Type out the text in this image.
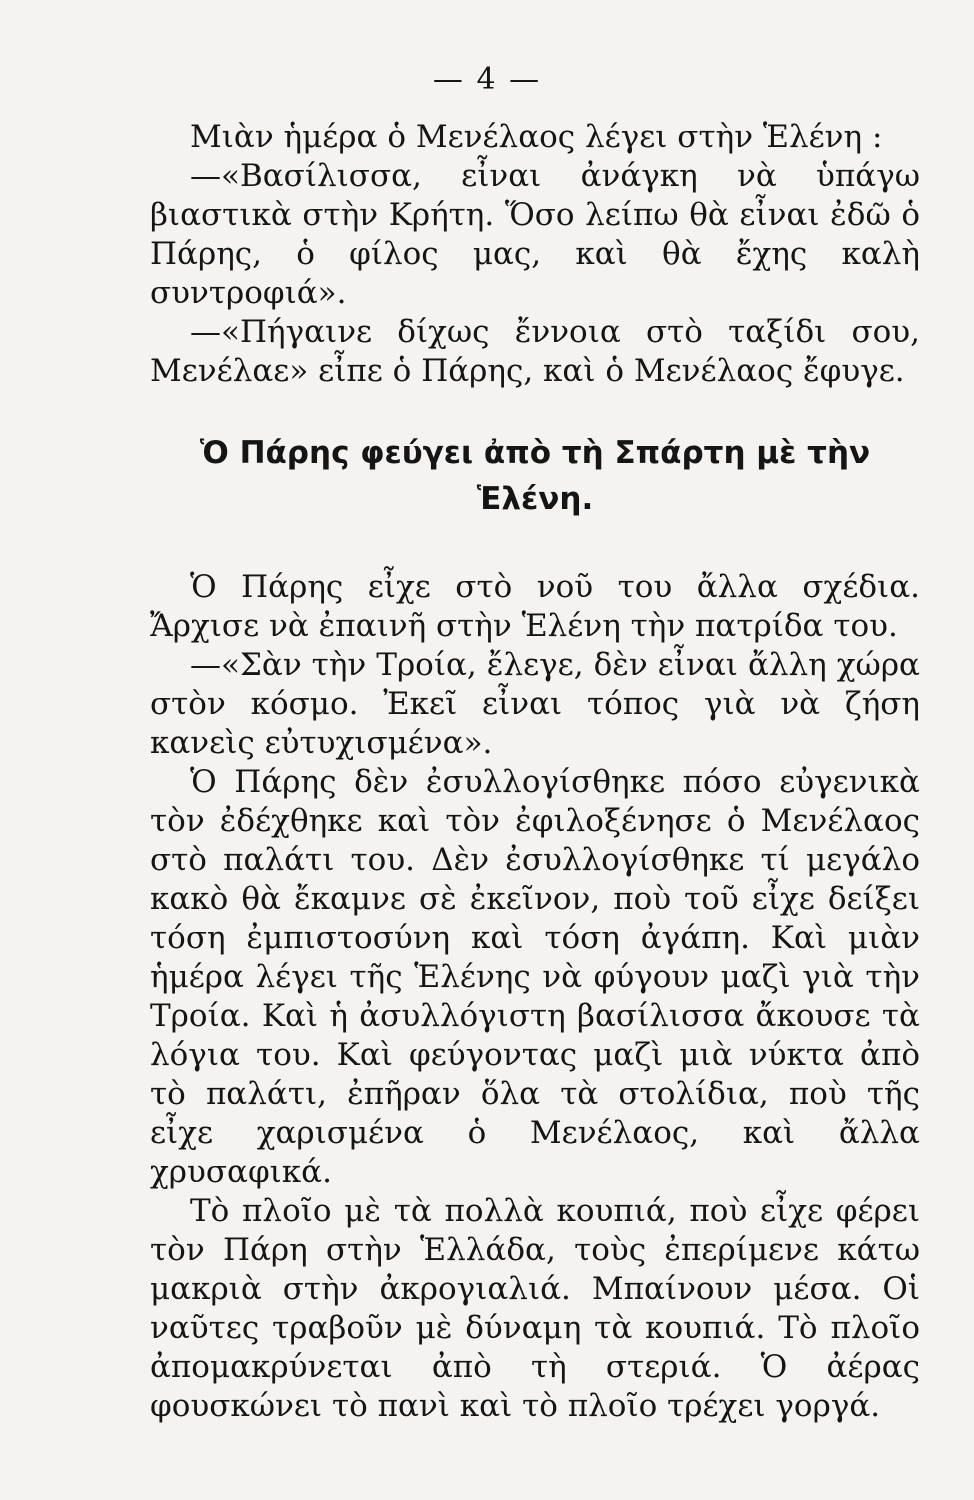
— 4 —

Μιὰν ἡμέρα ὁ Μενέλαος λέγει στὴν Ἑλένη :

—«Βασίλισσα, εἶναι ἀνάγκη νὰ ὑπάγω βιαστικὰ στὴν Κρήτη. Ὅσο λείπω θὰ εἶναι ἐδῶ ὁ Πάρης, ὁ φίλος μας, καὶ θὰ ἔχης καλὴ συντροφιά».

—«Πήγαινε δίχως ἔννοια στὸ ταξίδι σου, Μενέλαε» εἶπε ὁ Πάρης, καὶ ὁ Μενέλαος ἔφυγε.

Ὁ Πάρης φεύγει ἀπὸ τὴ Σπάρτη μὲ τὴν

Ἑλένη.

Ὁ Πάρης εἶχε στὸ νοῦ του ἄλλα σχέδια. Ἄρχισε νὰ ἐπαινῆ στὴν Ἑλένη τὴν πατρίδα του.

—«Σὰν τὴν Τροία, ἔλεγε, δὲν εἶναι ἄλλη χώρα στὸν κόσμο. Ἐκεῖ εἶναι τόπος γιὰ νὰ ζήση κανεὶς εὐτυχισμένα».

Ὁ Πάρης δὲν ἐσυλλογίσθηκε πόσο εὐγενικὰ τὸν ἐδέχθηκε καὶ τὸν ἐφιλοξένησε ὁ Μενέλαος στὸ παλάτι του. Δὲν ἐσυλλογίσθηκε τί μεγάλο κακὸ θὰ ἔκαμνε σὲ ἐκεῖνον, ποὺ τοῦ εἶχε δείξει τόση ἐμπιστοσύνη καὶ τόση ἀγάπη. Καὶ μιὰν ἡμέρα λέγει τῆς Ἑλένης νὰ φύγουν μαζὶ γιὰ τὴν Τροία. Καὶ ἡ ἀσυλλόγιστη βασίλισσα ἄκουσε τὰ λόγια του. Καὶ φεύγοντας μαζὶ μιὰ νύκτα ἀπὸ τὸ παλάτι, ἐπῆραν ὅλα τὰ στολίδια, ποὺ τῆς εἶχε χαρισμένα ὁ Μενέλαος, καὶ ἄλλα χρυσαφικά.

Τὸ πλοῖο μὲ τὰ πολλὰ κουπιά, ποὺ εἶχε φέρει τὸν Πάρη στὴν Ἑλλάδα, τοὺς ἐπερίμενε κάτω μακριὰ στὴν ἀκρογιαλιά. Μπαίνουν μέσα. Οἱ ναῦτες τραβοῦν μὲ δύναμη τὰ κουπιά. Τὸ πλοῖο ἀπομακρύνεται ἀπὸ τὴ στεριά. Ὁ ἀέρας φουσκώνει τὸ πανὶ καὶ τὸ πλοῖο τρέχει γοργά.
